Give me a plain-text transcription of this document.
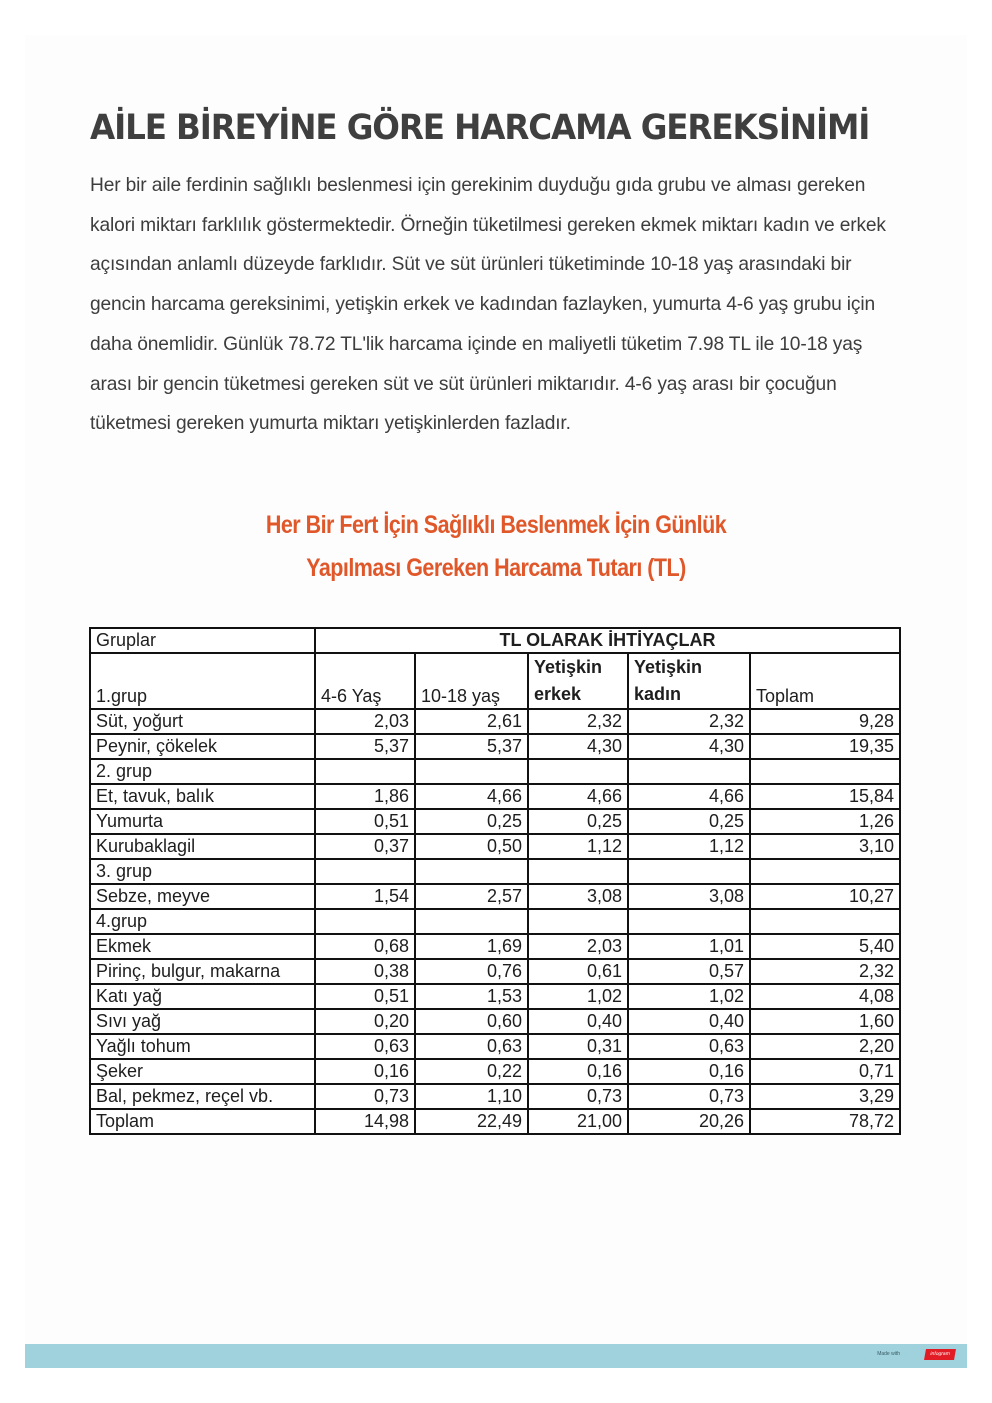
AİLE BİREYİNE GÖRE HARCAMA GEREKSİNİMİ

Her bir aile ferdinin sağlıklı beslenmesi için gerekinim duyduğu gıda grubu ve alması gereken kalori miktarı farklılık göstermektedir. Örneğin tüketilmesi gereken ekmek miktarı kadın ve erkek açısından anlamlı düzeyde farklıdır. Süt ve süt ürünleri tüketiminde 10-18 yaş arasındaki bir gencin harcama gereksinimi, yetişkin erkek ve kadından fazlayken, yumurta 4-6 yaş grubu için daha önemlidir. Günlük 78.72 TL'lik harcama içinde en maliyetli tüketim 7.98 TL ile 10-18 yaş arası bir gencin tüketmesi gereken süt ve süt ürünleri miktarıdır. 4-6 yaş arası bir çocuğun tüketmesi gereken yumurta miktarı yetişkinlerden fazladır.

Her Bir Fert İçin Sağlıklı Beslenmek İçin Günlük
Yapılması Gereken Harcama Tutarı (TL)
Gruplar	TL OLARAK İHTİYAÇLAR				
1.grup	4-6 Yaş	10-18 yaş	Yetişkin erkek	Yetişkin kadın	Toplam
Süt, yoğurt	2,03	2,61	2,32	2,32	9,28
Peynir, çökelek	5,37	5,37	4,30	4,30	19,35
2. grup					
Et, tavuk, balık	1,86	4,66	4,66	4,66	15,84
Yumurta	0,51	0,25	0,25	0,25	1,26
Kurubaklagil	0,37	0,50	1,12	1,12	3,10
3. grup					
Sebze, meyve	1,54	2,57	3,08	3,08	10,27
4.grup					
Ekmek	0,68	1,69	2,03	1,01	5,40
Pirinç, bulgur, makarna	0,38	0,76	0,61	0,57	2,32
Katı yağ	0,51	1,53	1,02	1,02	4,08
Sıvı yağ	0,20	0,60	0,40	0,40	1,60
Yağlı tohum	0,63	0,63	0,31	0,63	2,20
Şeker	0,16	0,22	0,16	0,16	0,71
Bal, pekmez, reçel vb.	0,73	1,10	0,73	0,73	3,29
Toplam	14,98	22,49	21,00	20,26	78,72
Made with	infogram
